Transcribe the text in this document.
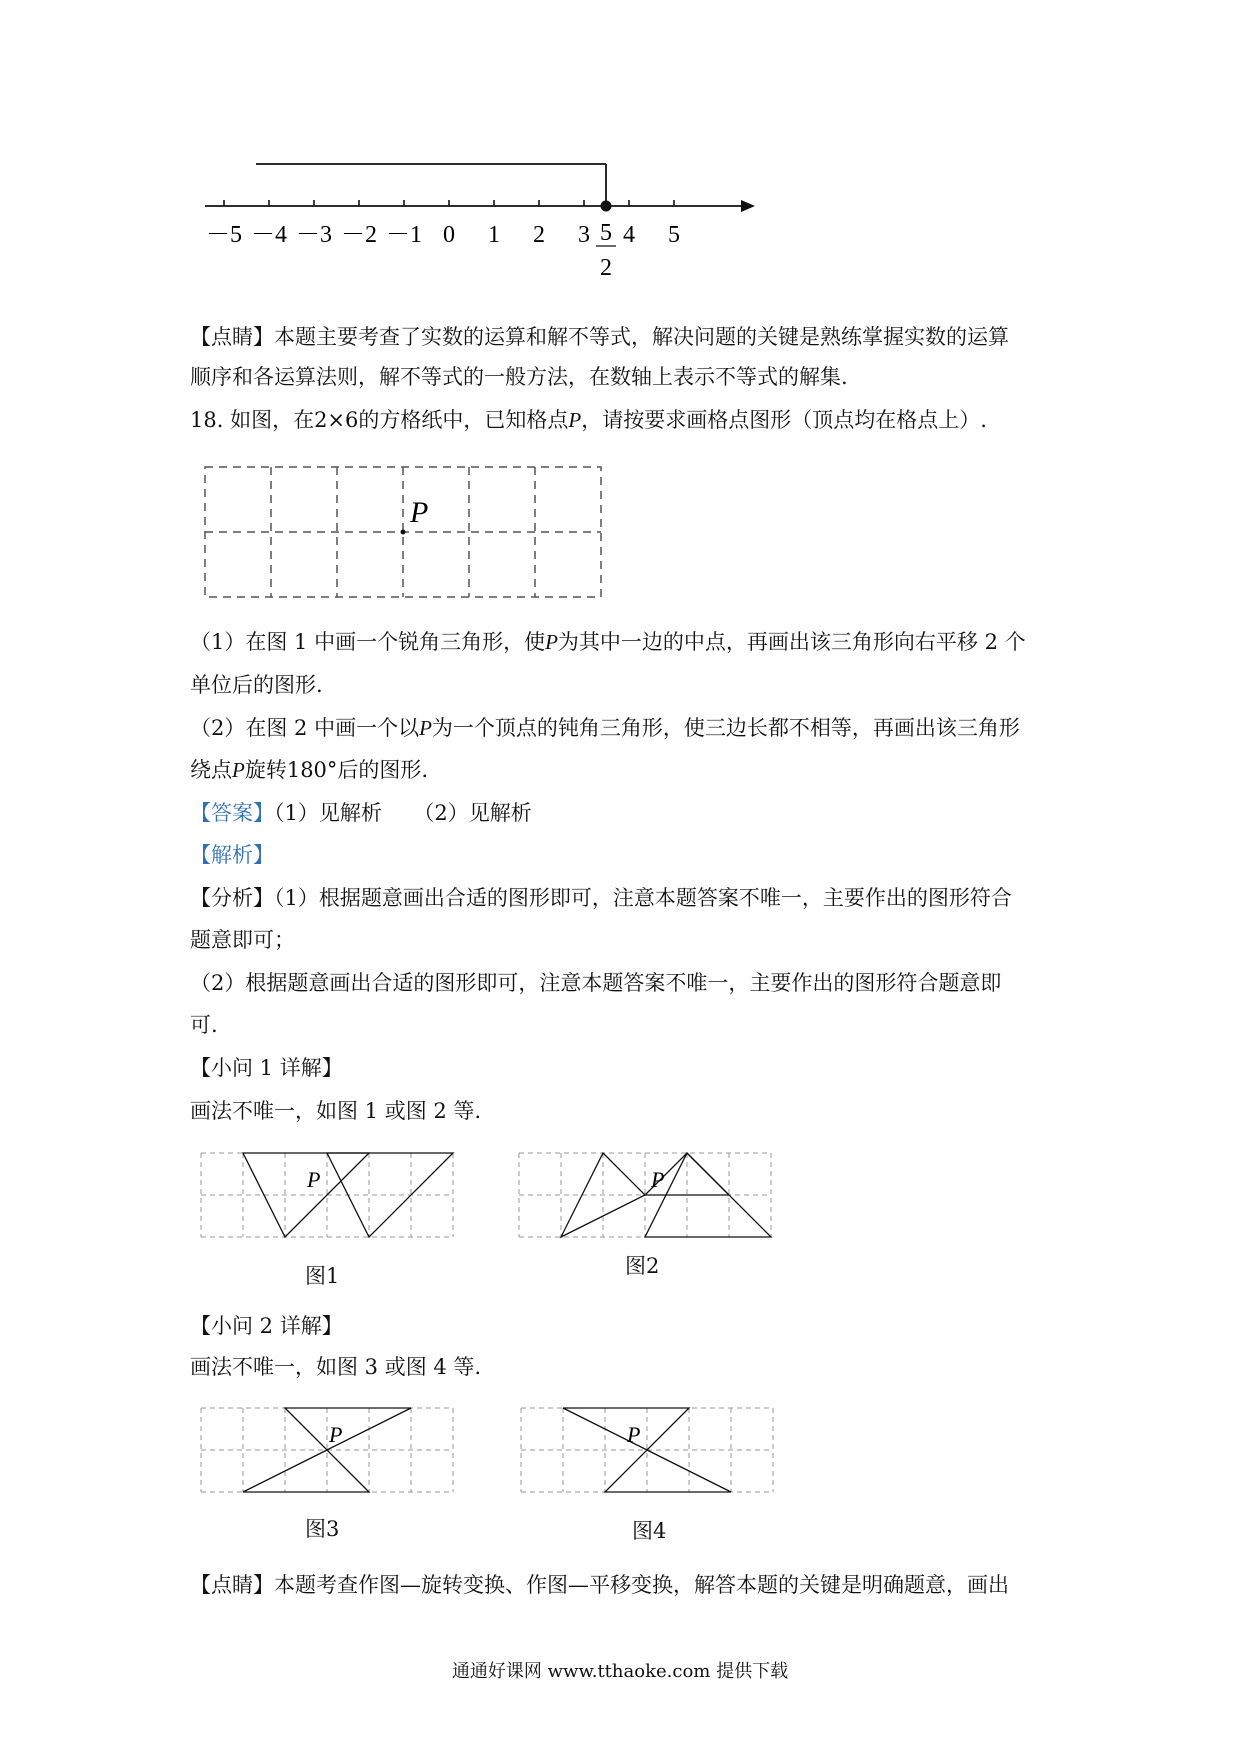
－5 －4 －3 －2 －1 0 1 2 3 4 5
5
2
【点睛】本题主要考查了实数的运算和解不等式，解决问题的关键是熟练掌握实数的运算
顺序和各运算法则，解不等式的一般方法，在数轴上表示不等式的解集.
18. 如图，在2×6的方格纸中，已知格点P，请按要求画格点图形（顶点均在格点上）.
P
（1）在图 1 中画一个锐角三角形，使P为其中一边的中点，再画出该三角形向右平移 2 个
单位后的图形.
（2）在图 2 中画一个以P为一个顶点的钝角三角形，使三边长都不相等，再画出该三角形
绕点P旋转180°后的图形.
【答案】（1）见解析　　（2）见解析
【解析】
【分析】（1）根据题意画出合适的图形即可，注意本题答案不唯一，主要作出的图形符合
题意即可；
（2）根据题意画出合适的图形即可，注意本题答案不唯一，主要作出的图形符合题意即
可.
【小问 1 详解】
画法不唯一，如图 1 或图 2 等.
P	P
图1	图2
【小问 2 详解】
画法不唯一，如图 3 或图 4 等.
P	P
图3	图4
【点睛】本题考查作图—旋转变换、作图—平移变换，解答本题的关键是明确题意，画出
通通好课网 www.tthaoke.com 提供下载
